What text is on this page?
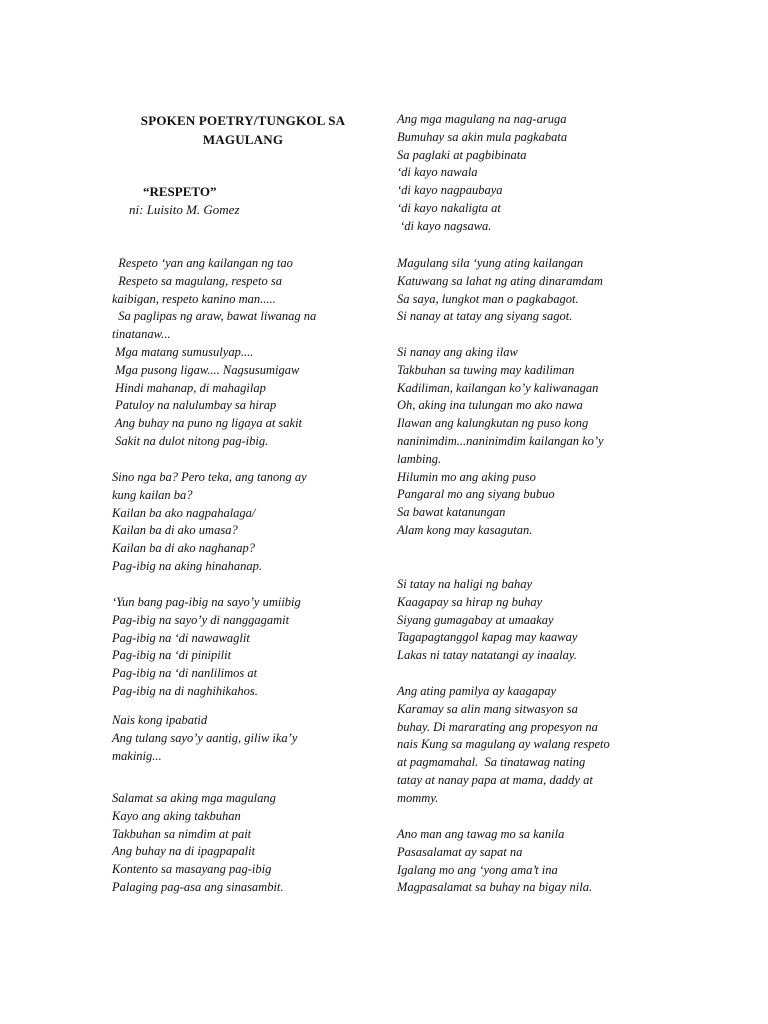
SPOKEN POETRY/TUNGKOL SA
MAGULANG
“RESPETO”
ni: Luisito M. Gomez
Respeto ‘yan ang kailangan ng tao
Respeto sa magulang, respeto sa
kaibigan, respeto kanino man.....
Sa paglipas ng araw, bawat liwanag na
tinatanaw...
Mga matang sumusulyap....
Mga pusong ligaw.... Nagsusumigaw
Hindi mahanap, di mahagilap
Patuloy na nalulumbay sa hirap
Ang buhay na puno ng ligaya at sakit
Sakit na dulot nitong pag-ibig.
Sino nga ba? Pero teka, ang tanong ay
kung kailan ba?
Kailan ba ako nagpahalaga/
Kailan ba di ako umasa?
Kailan ba di ako naghanap?
Pag-ibig na aking hinahanap.
‘Yun bang pag-ibig na sayo’y umiibig
Pag-ibig na sayo’y di nanggagamit
Pag-ibig na ‘di nawawaglit
Pag-ibig na ‘di pinipilit
Pag-ibig na ‘di nanlilimos at
Pag-ibig na di naghihikahos.
Nais kong ipabatid
Ang tulang sayo’y aantig, giliw ika’y
makinig...
Salamat sa aking mga magulang
Kayo ang aking takbuhan
Takbuhan sa nimdim at pait
Ang buhay na di ipagpapalit
Kontento sa masayang pag-ibig
Palaging pag-asa ang sinasambit.
Ang mga magulang na nag-aruga
Bumuhay sa akin mula pagkabata
Sa paglaki at pagbibinata
‘di kayo nawala
‘di kayo nagpaubaya
‘di kayo nakaligta at
‘di kayo nagsawa.
Magulang sila ‘yung ating kailangan
Katuwang sa lahat ng ating dinaramdam
Sa saya, lungkot man o pagkabagot.
Si nanay at tatay ang siyang sagot.
Si nanay ang aking ilaw
Takbuhan sa tuwing may kadiliman
Kadiliman, kailangan ko’y kaliwanagan
Oh, aking ina tulungan mo ako nawa
Ilawan ang kalungkutan ng puso kong
naninimdim...naninimdim kailangan ko’y
lambing.
Hilumin mo ang aking puso
Pangaral mo ang siyang bubuo
Sa bawat katanungan
Alam kong may kasagutan.
Si tatay na haligi ng bahay
Kaagapay sa hirap ng buhay
Siyang gumagabay at umaakay
Tagapagtanggol kapag may kaaway
Lakas ni tatay natatangi ay inaalay.
Ang ating pamilya ay kaagapay
Karamay sa alin mang sitwasyon sa
buhay. Di mararating ang propesyon na
nais Kung sa magulang ay walang respeto
at pagmamahal.  Sa tinatawag nating
tatay at nanay papa at mama, daddy at
mommy.
Ano man ang tawag mo sa kanila
Pasasalamat ay sapat na
Igalang mo ang ‘yong ama’t ina
Magpasalamat sa buhay na bigay nila.
